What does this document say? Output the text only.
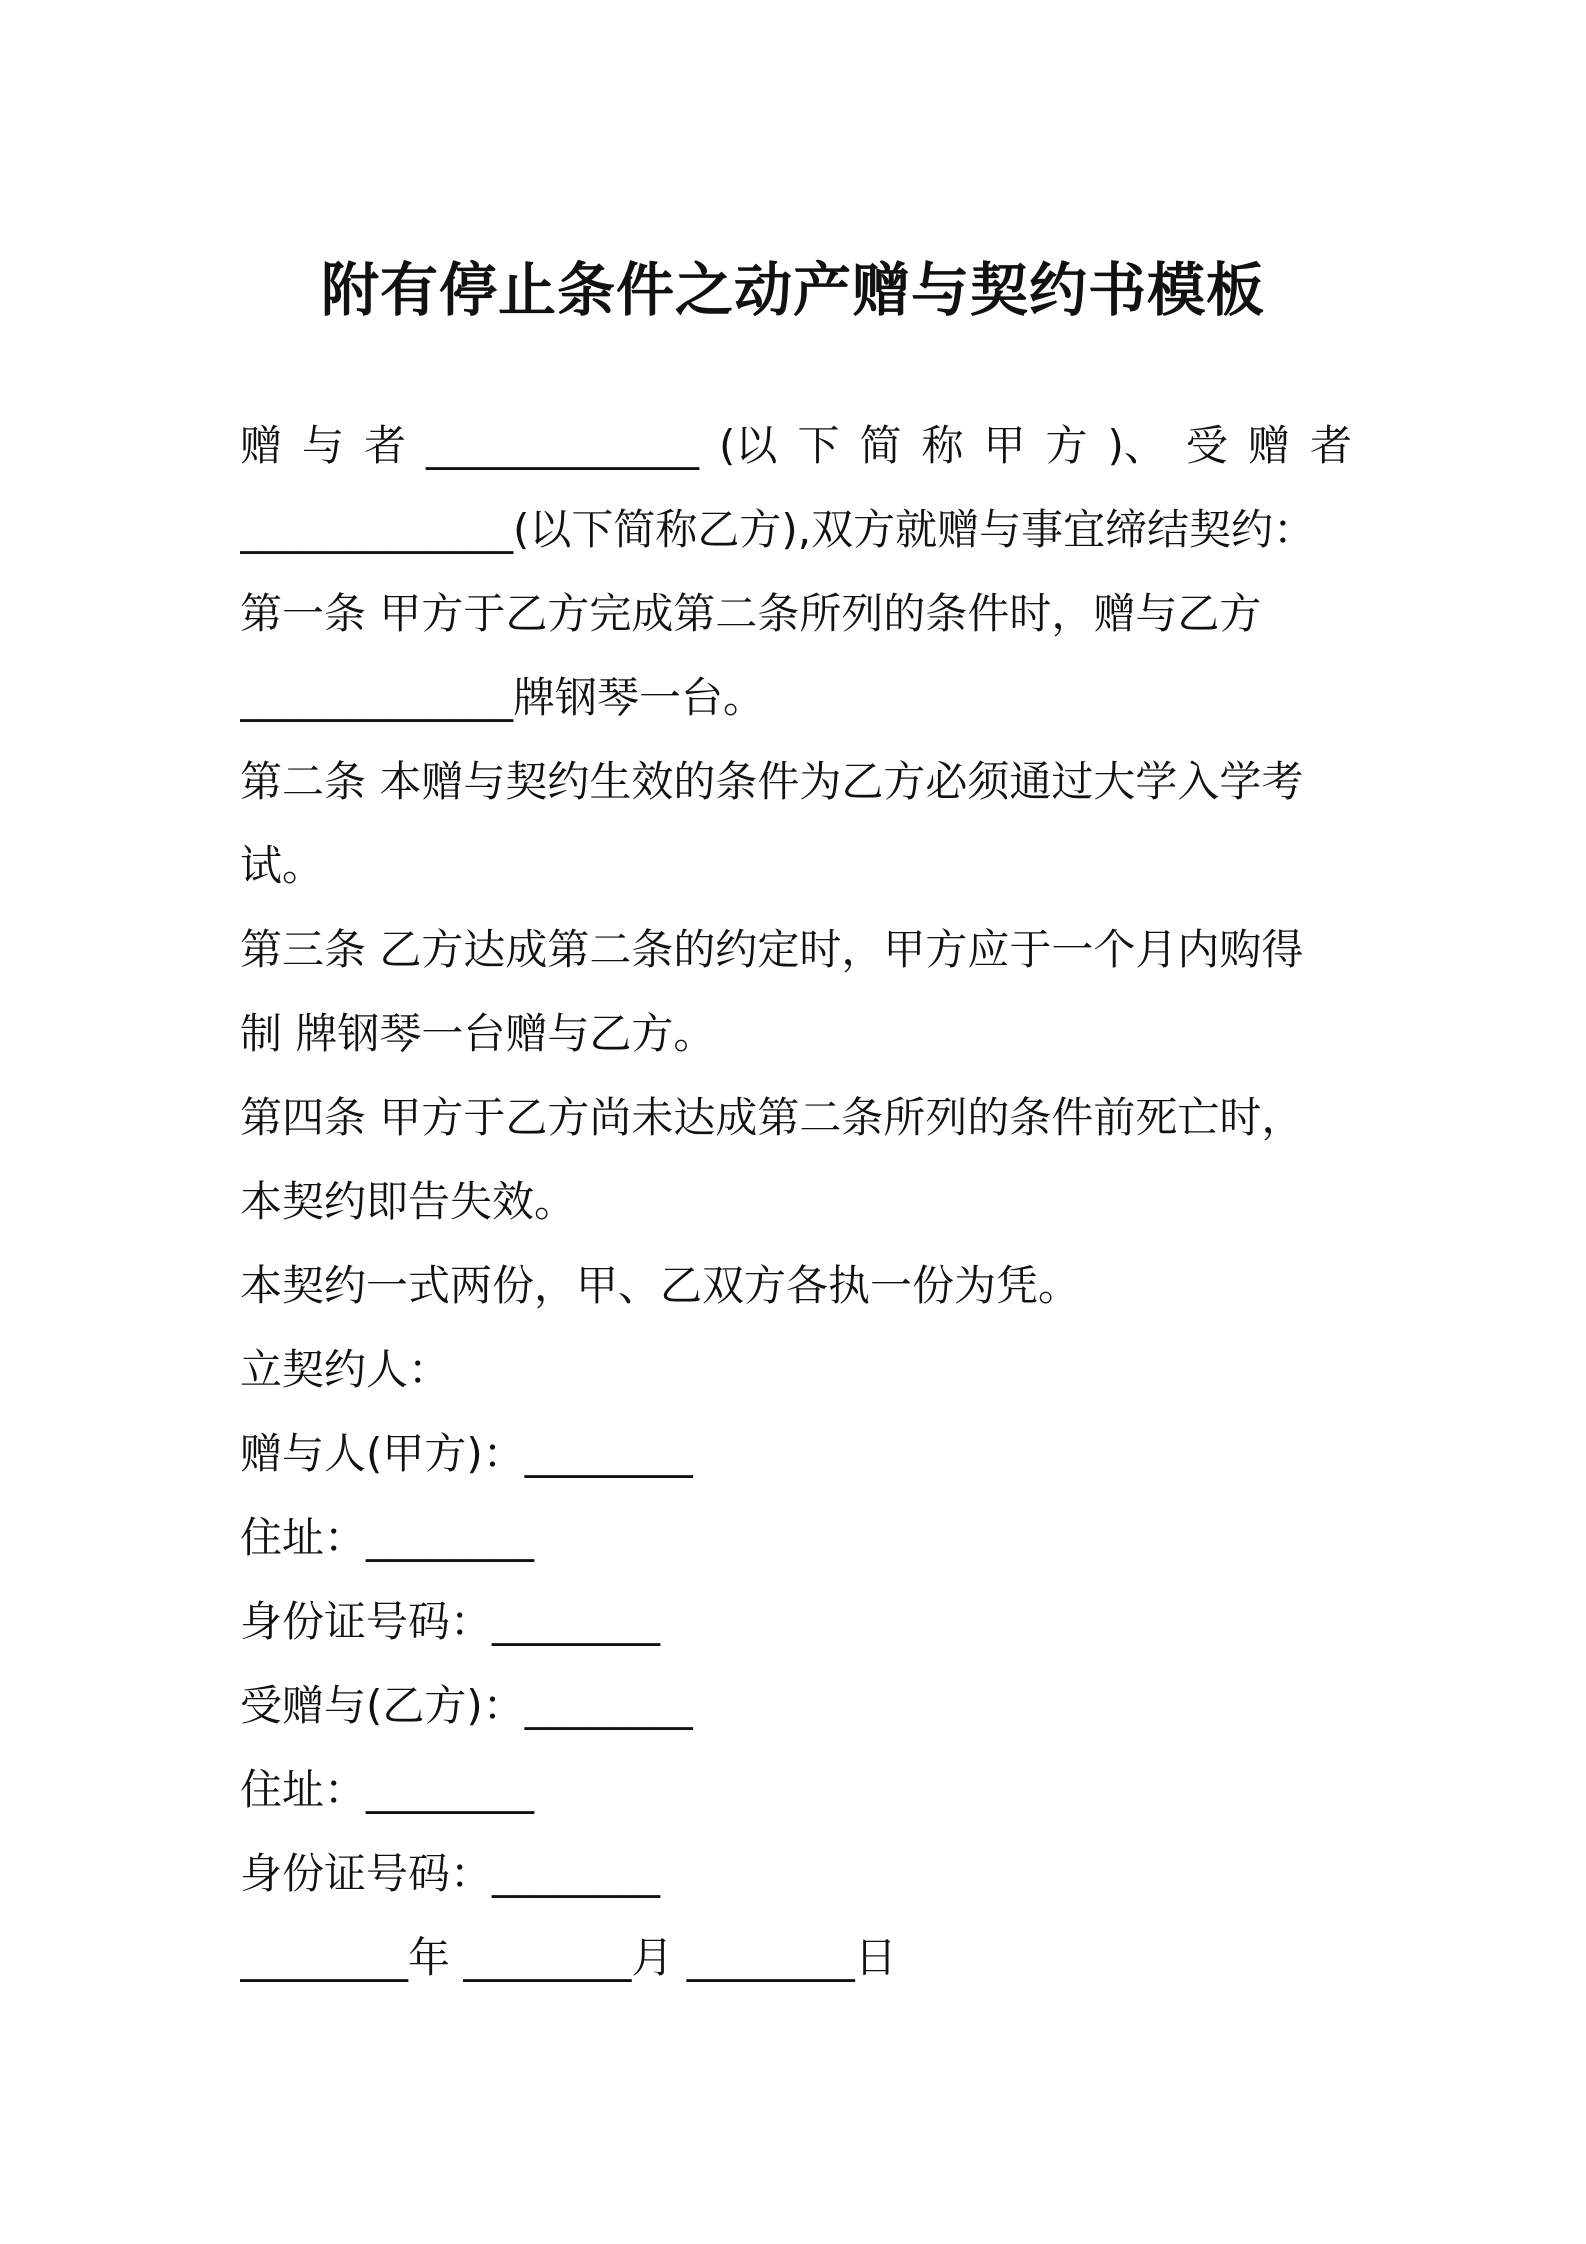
附有停止条件之动产赠与契约书模板
赠 与 者 _____________ (以 下 简 称 甲 方 )、 受 赠 者
_____________(以下简称乙方),双方就赠与事宜缔结契约：
第一条 甲方于乙方完成第二条所列的条件时，赠与乙方
_____________牌钢琴一台。
第二条 本赠与契约生效的条件为乙方必须通过大学入学考
试。
第三条 乙方达成第二条的约定时，甲方应于一个月内购得
制 牌钢琴一台赠与乙方。
第四条 甲方于乙方尚未达成第二条所列的条件前死亡时，
本契约即告失效。
本契约一式两份，甲、乙双方各执一份为凭。
立契约人：
赠与人(甲方)：________
住址：________
身份证号码：________
受赠与(乙方)：________
住址：________
身份证号码：________
________年 ________月 ________日
